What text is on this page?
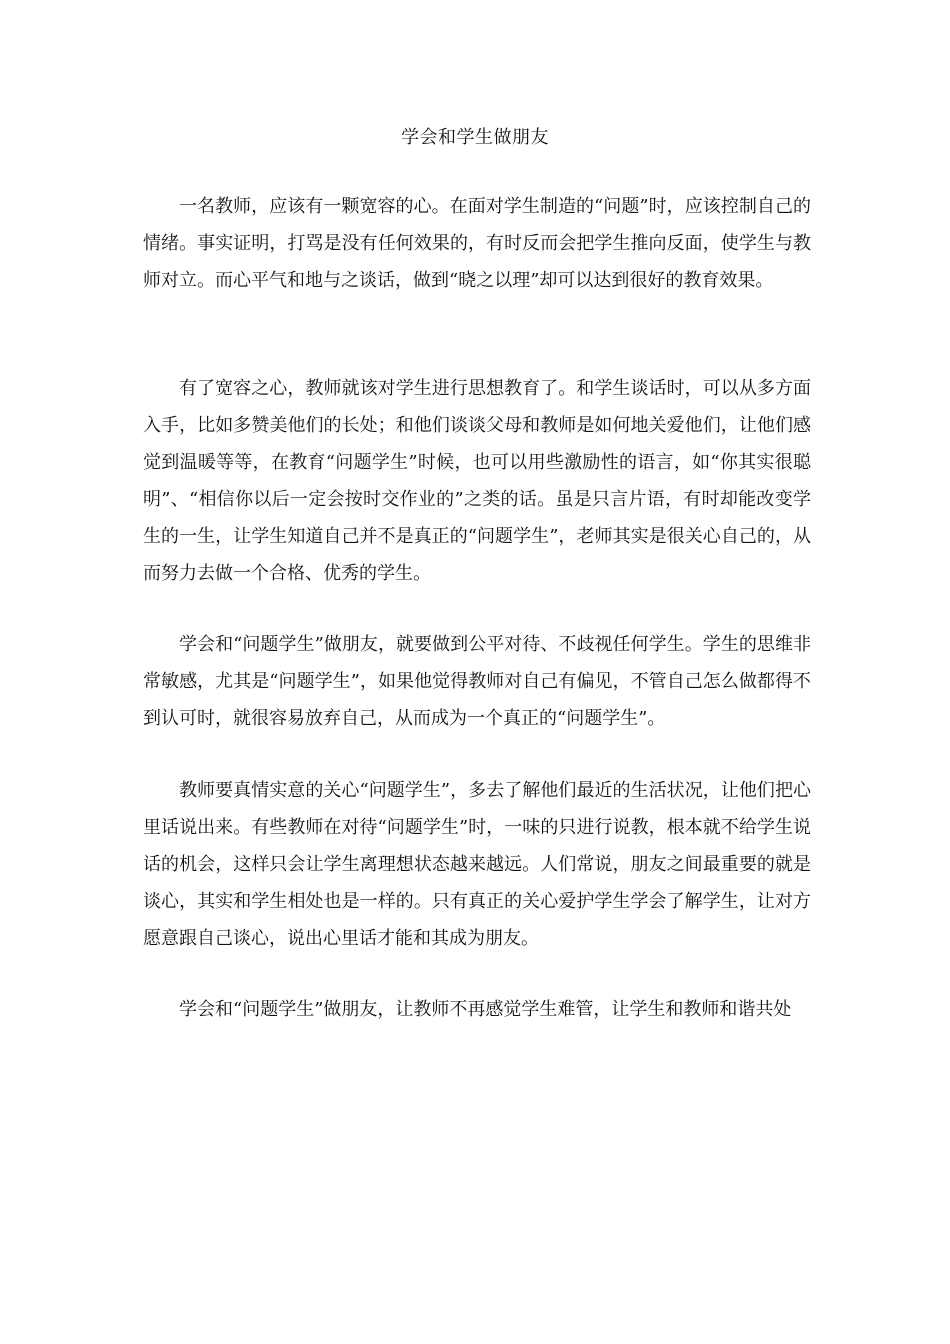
学会和学生做朋友

一名教师，应该有一颗宽容的心。在面对学生制造的“问题”时，应该控制自己的情绪。事实证明，打骂是没有任何效果的，有时反而会把学生推向反面，使学生与教师对立。而心平气和地与之谈话，做到“晓之以理”却可以达到很好的教育效果。

有了宽容之心，教师就该对学生进行思想教育了。和学生谈话时，可以从多方面入手，比如多赞美他们的长处；和他们谈谈父母和教师是如何地关爱他们，让他们感觉到温暖等等，在教育“问题学生”时候，也可以用些激励性的语言，如“你其实很聪明”、“相信你以后一定会按时交作业的”之类的话。虽是只言片语，有时却能改变学生的一生，让学生知道自己并不是真正的“问题学生”，老师其实是很关心自己的，从而努力去做一个合格、优秀的学生。

学会和“问题学生”做朋友，就要做到公平对待、不歧视任何学生。学生的思维非常敏感，尤其是“问题学生”，如果他觉得教师对自己有偏见，不管自己怎么做都得不到认可时，就很容易放弃自己，从而成为一个真正的“问题学生”。

教师要真情实意的关心“问题学生”，多去了解他们最近的生活状况，让他们把心里话说出来。有些教师在对待“问题学生”时，一味的只进行说教，根本就不给学生说话的机会，这样只会让学生离理想状态越来越远。人们常说，朋友之间最重要的就是谈心，其实和学生相处也是一样的。只有真正的关心爱护学生学会了解学生，让对方愿意跟自己谈心，说出心里话才能和其成为朋友。

学会和“问题学生”做朋友，让教师不再感觉学生难管，让学生和教师和谐共处
